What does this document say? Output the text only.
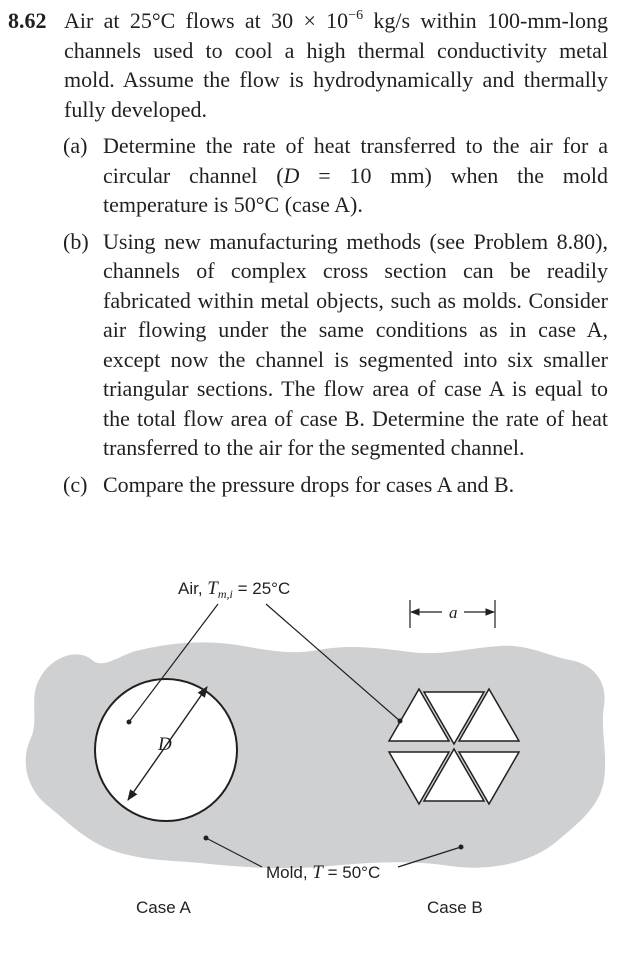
8.62 Air at 25°C flows at $30 \times 10^{-6}$ kg/s within 100-mm-long channels used to cool a high thermal conductivity metal mold. Assume the flow is hydrodynamically and thermally fully developed.
(a) Determine the rate of heat transferred to the air for a circular channel (D = 10 mm) when the mold temperature is 50°C (case A).
(b) Using new manufacturing methods (see Problem 8.80), channels of complex cross section can be readily fabricated within metal objects, such as molds. Consider air flowing under the same conditions as in case A, except now the channel is segmented into six smaller triangular sections. The flow area of case A is equal to the total flow area of case B. Determine the rate of heat transferred to the air for the segmented channel.
(c) Compare the pressure drops for cases A and B.
D
a
Air, $T_{m,i} = 25^\circ C$
Mold, T = 50°C
Case A	Case B
